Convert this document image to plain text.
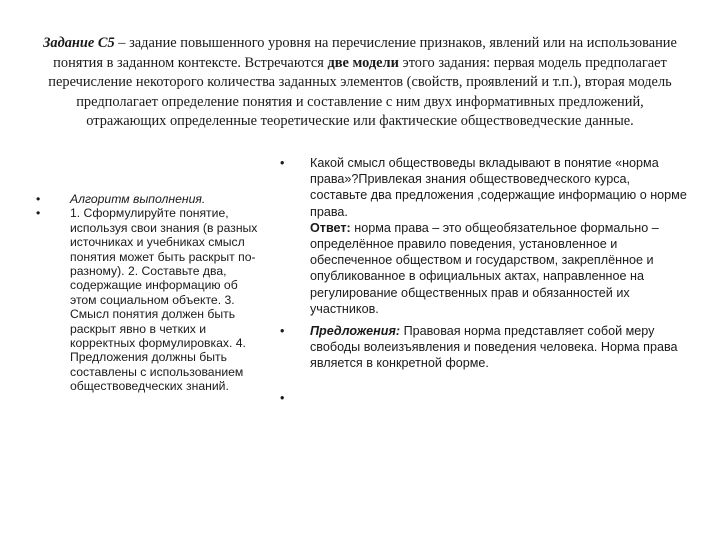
Задание С5 – задание повышенного уровня на перечисление признаков, явлений или на использование понятия в заданном контексте. Встречаются две модели этого задания: первая модель предполагает перечисление некоторого количества заданных элементов (свойств, проявлений и т.п.), вторая модель предполагает определение понятия и составление с ним двух информативных предложений, отражающих определенные теоретические или фактические обществоведческие данные.
• Алгоритм выполнения.
• 1. Сформулируйте понятие, используя свои знания (в разных источниках и учебниках смысл понятия может быть раскрыт по-разному). 2. Составьте два, содержащие информацию об этом социальном объекте. 3. Смысл понятия должен быть раскрыт явно в четких и корректных формулировках. 4. Предложения должны быть составлены с использованием обществоведческих знаний.
• Какой смысл обществоведы вкладывают в понятие «норма права»?Привлекая знания обществоведческого курса, составьте два предложения ,содержащие информацию о норме права.
Ответ: норма права – это общеобязательное формально – определённое правило поведения, установленное и обеспеченное обществом и государством, закреплённое и опубликованное в официальных актах, направленное на регулирование общественных прав и обязанностей их участников.
• Предложения: Правовая норма представляет собой меру свободы волеизъявления и поведения человека. Норма права является в конкретной форме.
•
